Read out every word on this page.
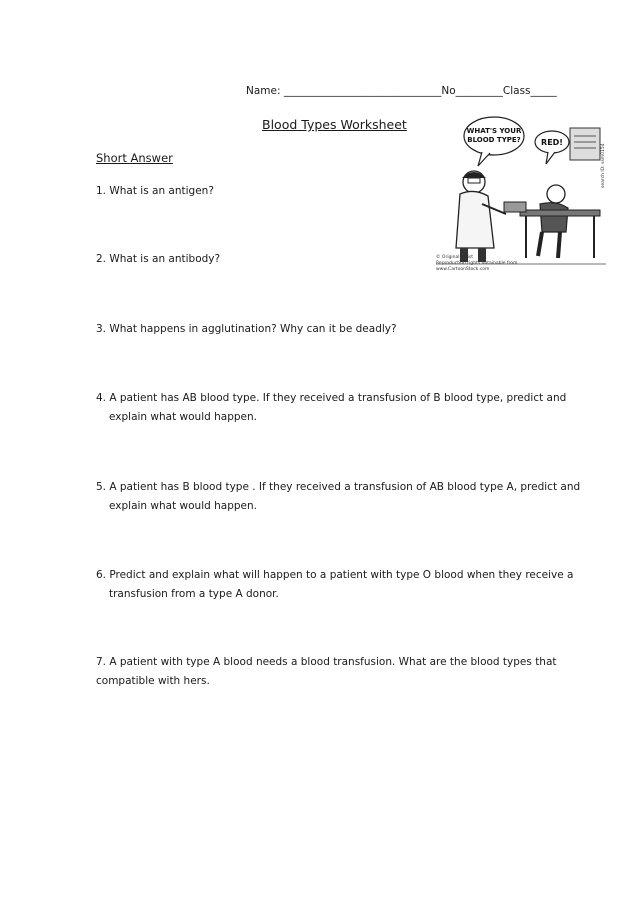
Name: ______________________________No_________Class_____
Blood Types Worksheet
Short Answer
1. What is an antigen?
2. What is an antibody?
3. What happens in agglutination? Why can it be deadly?
4. A patient has AB blood type. If they received a transfusion of B blood type, predict and
explain what would happen.
5. A patient has B blood type . If they received a transfusion of AB blood type A, predict and
explain what would happen.
6. Predict and explain what will happen to a patient with type O blood when they receive a
transfusion from a type A donor.
7. A patient with type A blood needs a blood transfusion. What are the blood types that
compatible with hers.
WHAT'S YOUR
BLOOD TYPE?	RED!
© Original Artist
Reproduction rights obtainable from
www.CartoonStock.com
search ID: ssm0154
